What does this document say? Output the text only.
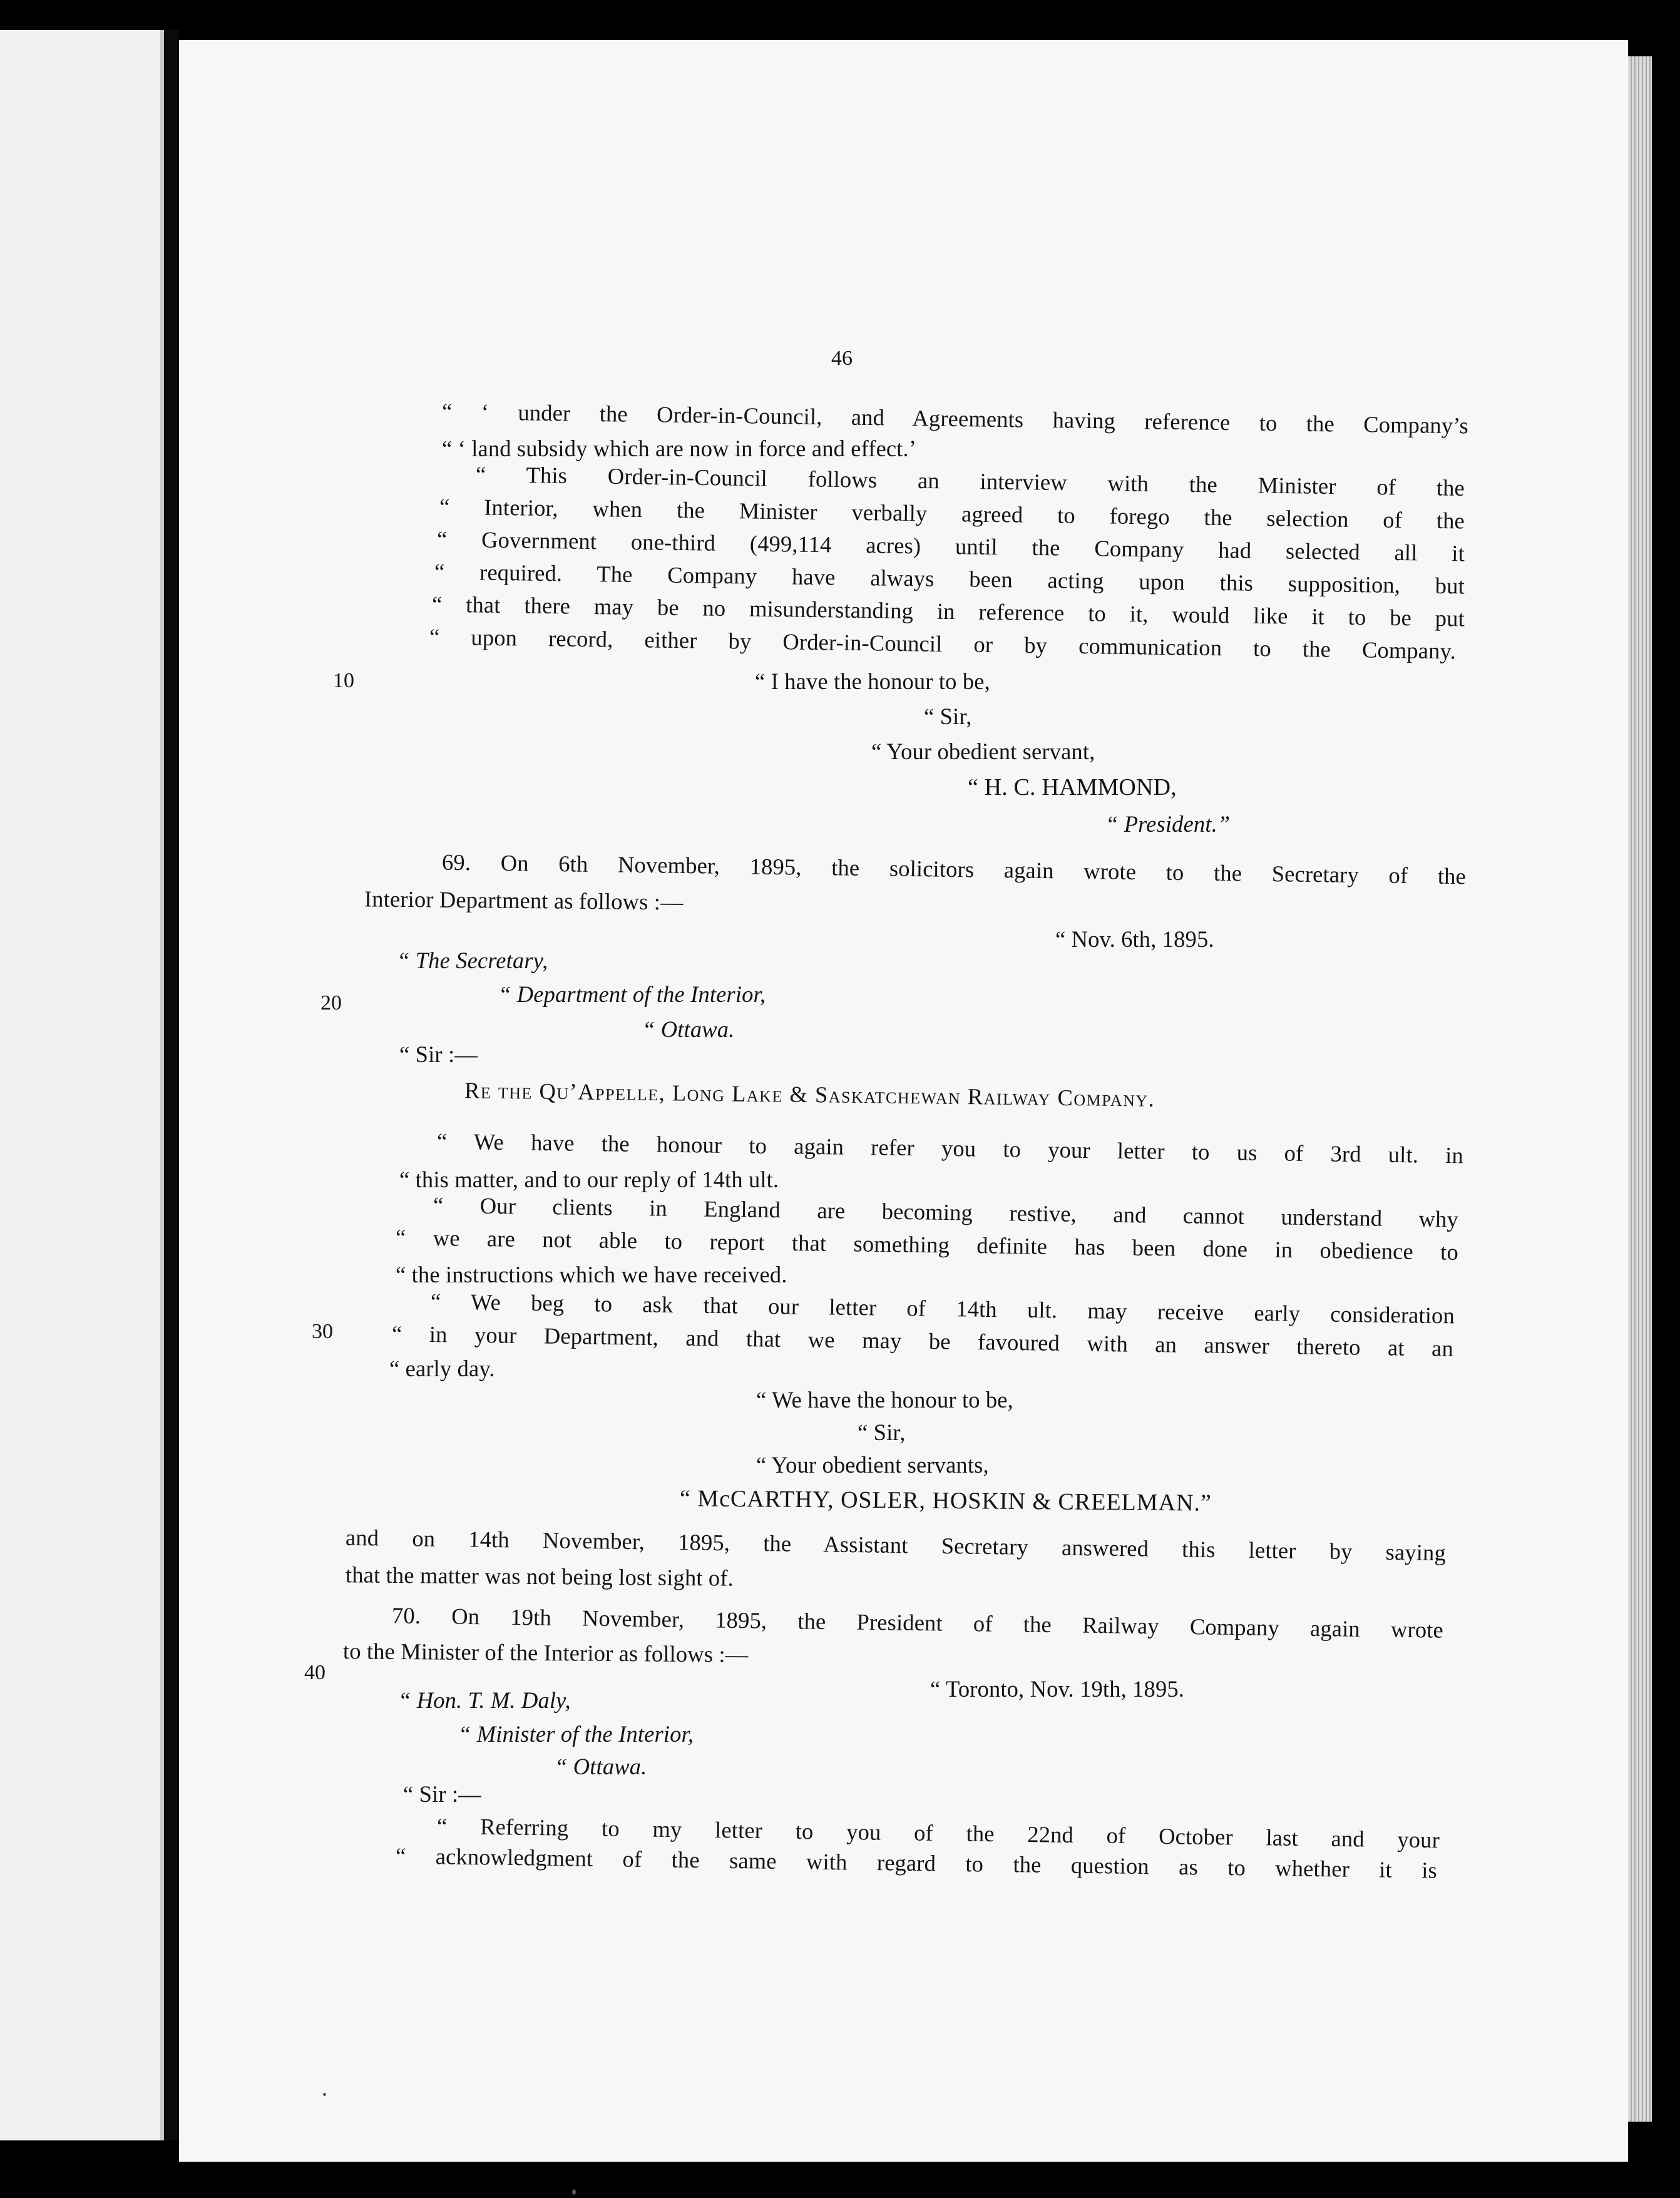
46
10
20
30
40
“ ‘ under the Order-in-Council, and Agreements having reference to the Company’s
“ ‘ land subsidy which are now in force and effect.’
“ This Order-in-Council follows an interview with the Minister of the
“ Interior, when the Minister verbally agreed to forego the selection of the
“ Government one-third (499,114 acres) until the Company had selected all it
“ required. The Company have always been acting upon this supposition, but
“ that there may be no misunderstanding in reference to it, would like it to be put
“ upon record, either by Order-in-Council or by communication to the Company.
“ I have the honour to be,
“ Sir,
“ Your obedient servant,
“ H. C. HAMMOND,
“ President.”
69. On 6th November, 1895, the solicitors again wrote to the Secretary of the
Interior Department as follows :—
“ Nov. 6th, 1895.
“ The Secretary,
“ Department of the Interior,
“ Ottawa.
“ Sir :—
Re the Qu’Appelle, Long Lake & Saskatchewan Railway Company.
“ We have the honour to again refer you to your letter to us of 3rd ult. in
“ this matter, and to our reply of 14th ult.
“ Our clients in England are becoming restive, and cannot understand why
“ we are not able to report that something definite has been done in obedience to
“ the instructions which we have received.
“ We beg to ask that our letter of 14th ult. may receive early consideration
“ in your Department, and that we may be favoured with an answer thereto at an
“ early day.
“ We have the honour to be,
“ Sir,
“ Your obedient servants,
“ McCARTHY, OSLER, HOSKIN & CREELMAN.”
and on 14th November, 1895, the Assistant Secretary answered this letter by saying
that the matter was not being lost sight of.
70. On 19th November, 1895, the President of the Railway Company again wrote
to the Minister of the Interior as follows :—
“ Toronto, Nov. 19th, 1895.
“ Hon. T. M. Daly,
“ Minister of the Interior,
“ Ottawa.
“ Sir :—
“ Referring to my letter to you of the 22nd of October last and your
“ acknowledgment of the same with regard to the question as to whether it is
